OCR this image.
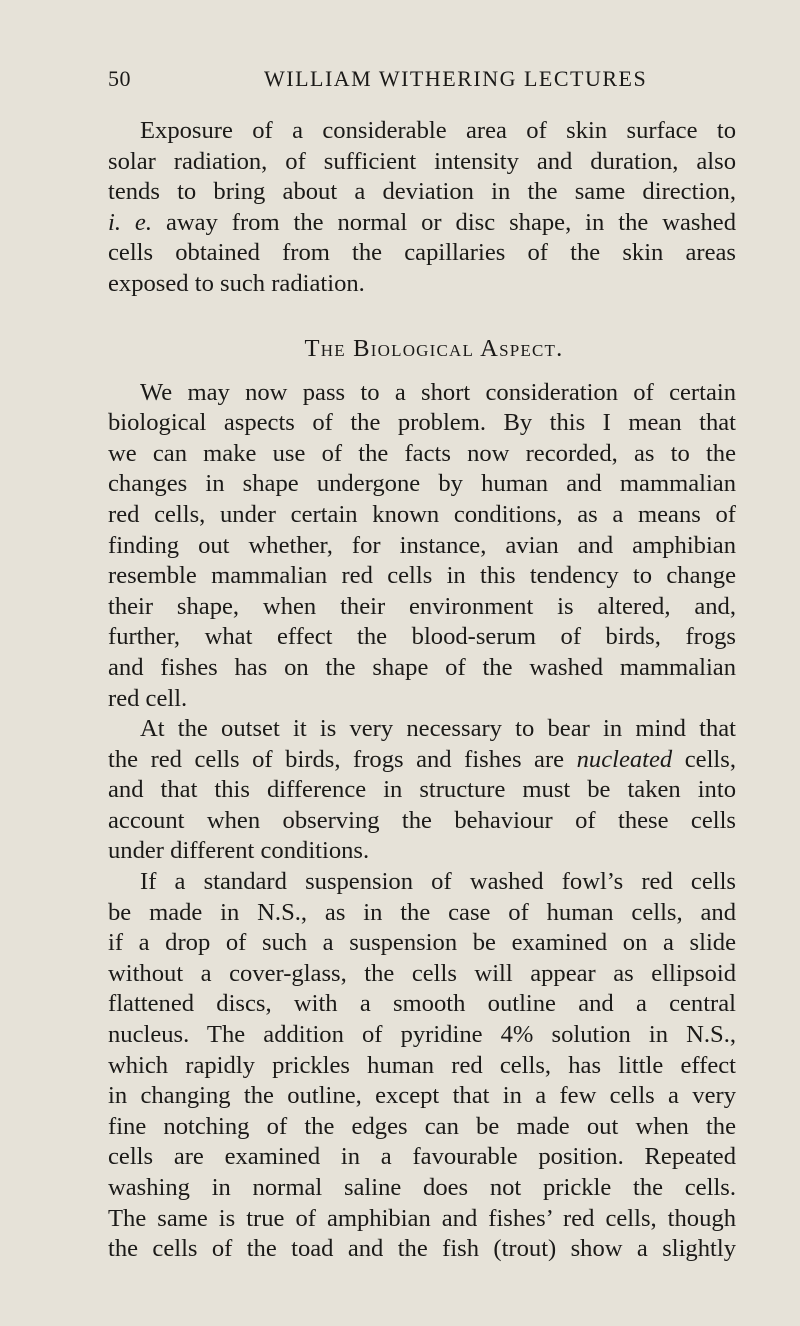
50	WILLIAM WITHERING LECTURES

Exposure of a considerable area of skin surface to
solar radiation, of sufficient intensity and duration, also
tends to bring about a deviation in the same direction,
i. e. away from the normal or disc shape, in the washed
cells obtained from the capillaries of the skin areas
exposed to such radiation.

The Biological Aspect.

We may now pass to a short consideration of certain
biological aspects of the problem. By this I mean that
we can make use of the facts now recorded, as to the
changes in shape undergone by human and mammalian
red cells, under certain known conditions, as a means of
finding out whether, for instance, avian and amphibian
resemble mammalian red cells in this tendency to change
their shape, when their environment is altered, and,
further, what effect the blood-serum of birds, frogs
and fishes has on the shape of the washed mammalian
red cell.

At the outset it is very necessary to bear in mind that
the red cells of birds, frogs and fishes are nucleated cells,
and that this difference in structure must be taken into
account when observing the behaviour of these cells
under different conditions.

If a standard suspension of washed fowl’s red cells
be made in N.S., as in the case of human cells, and
if a drop of such a suspension be examined on a slide
without a cover-glass, the cells will appear as ellipsoid
flattened discs, with a smooth outline and a central
nucleus. The addition of pyridine 4% solution in N.S.,
which rapidly prickles human red cells, has little effect
in changing the outline, except that in a few cells a very
fine notching of the edges can be made out when the
cells are examined in a favourable position. Repeated
washing in normal saline does not prickle the cells.
The same is true of amphibian and fishes’ red cells, though
the cells of the toad and the fish (trout) show a slightly
